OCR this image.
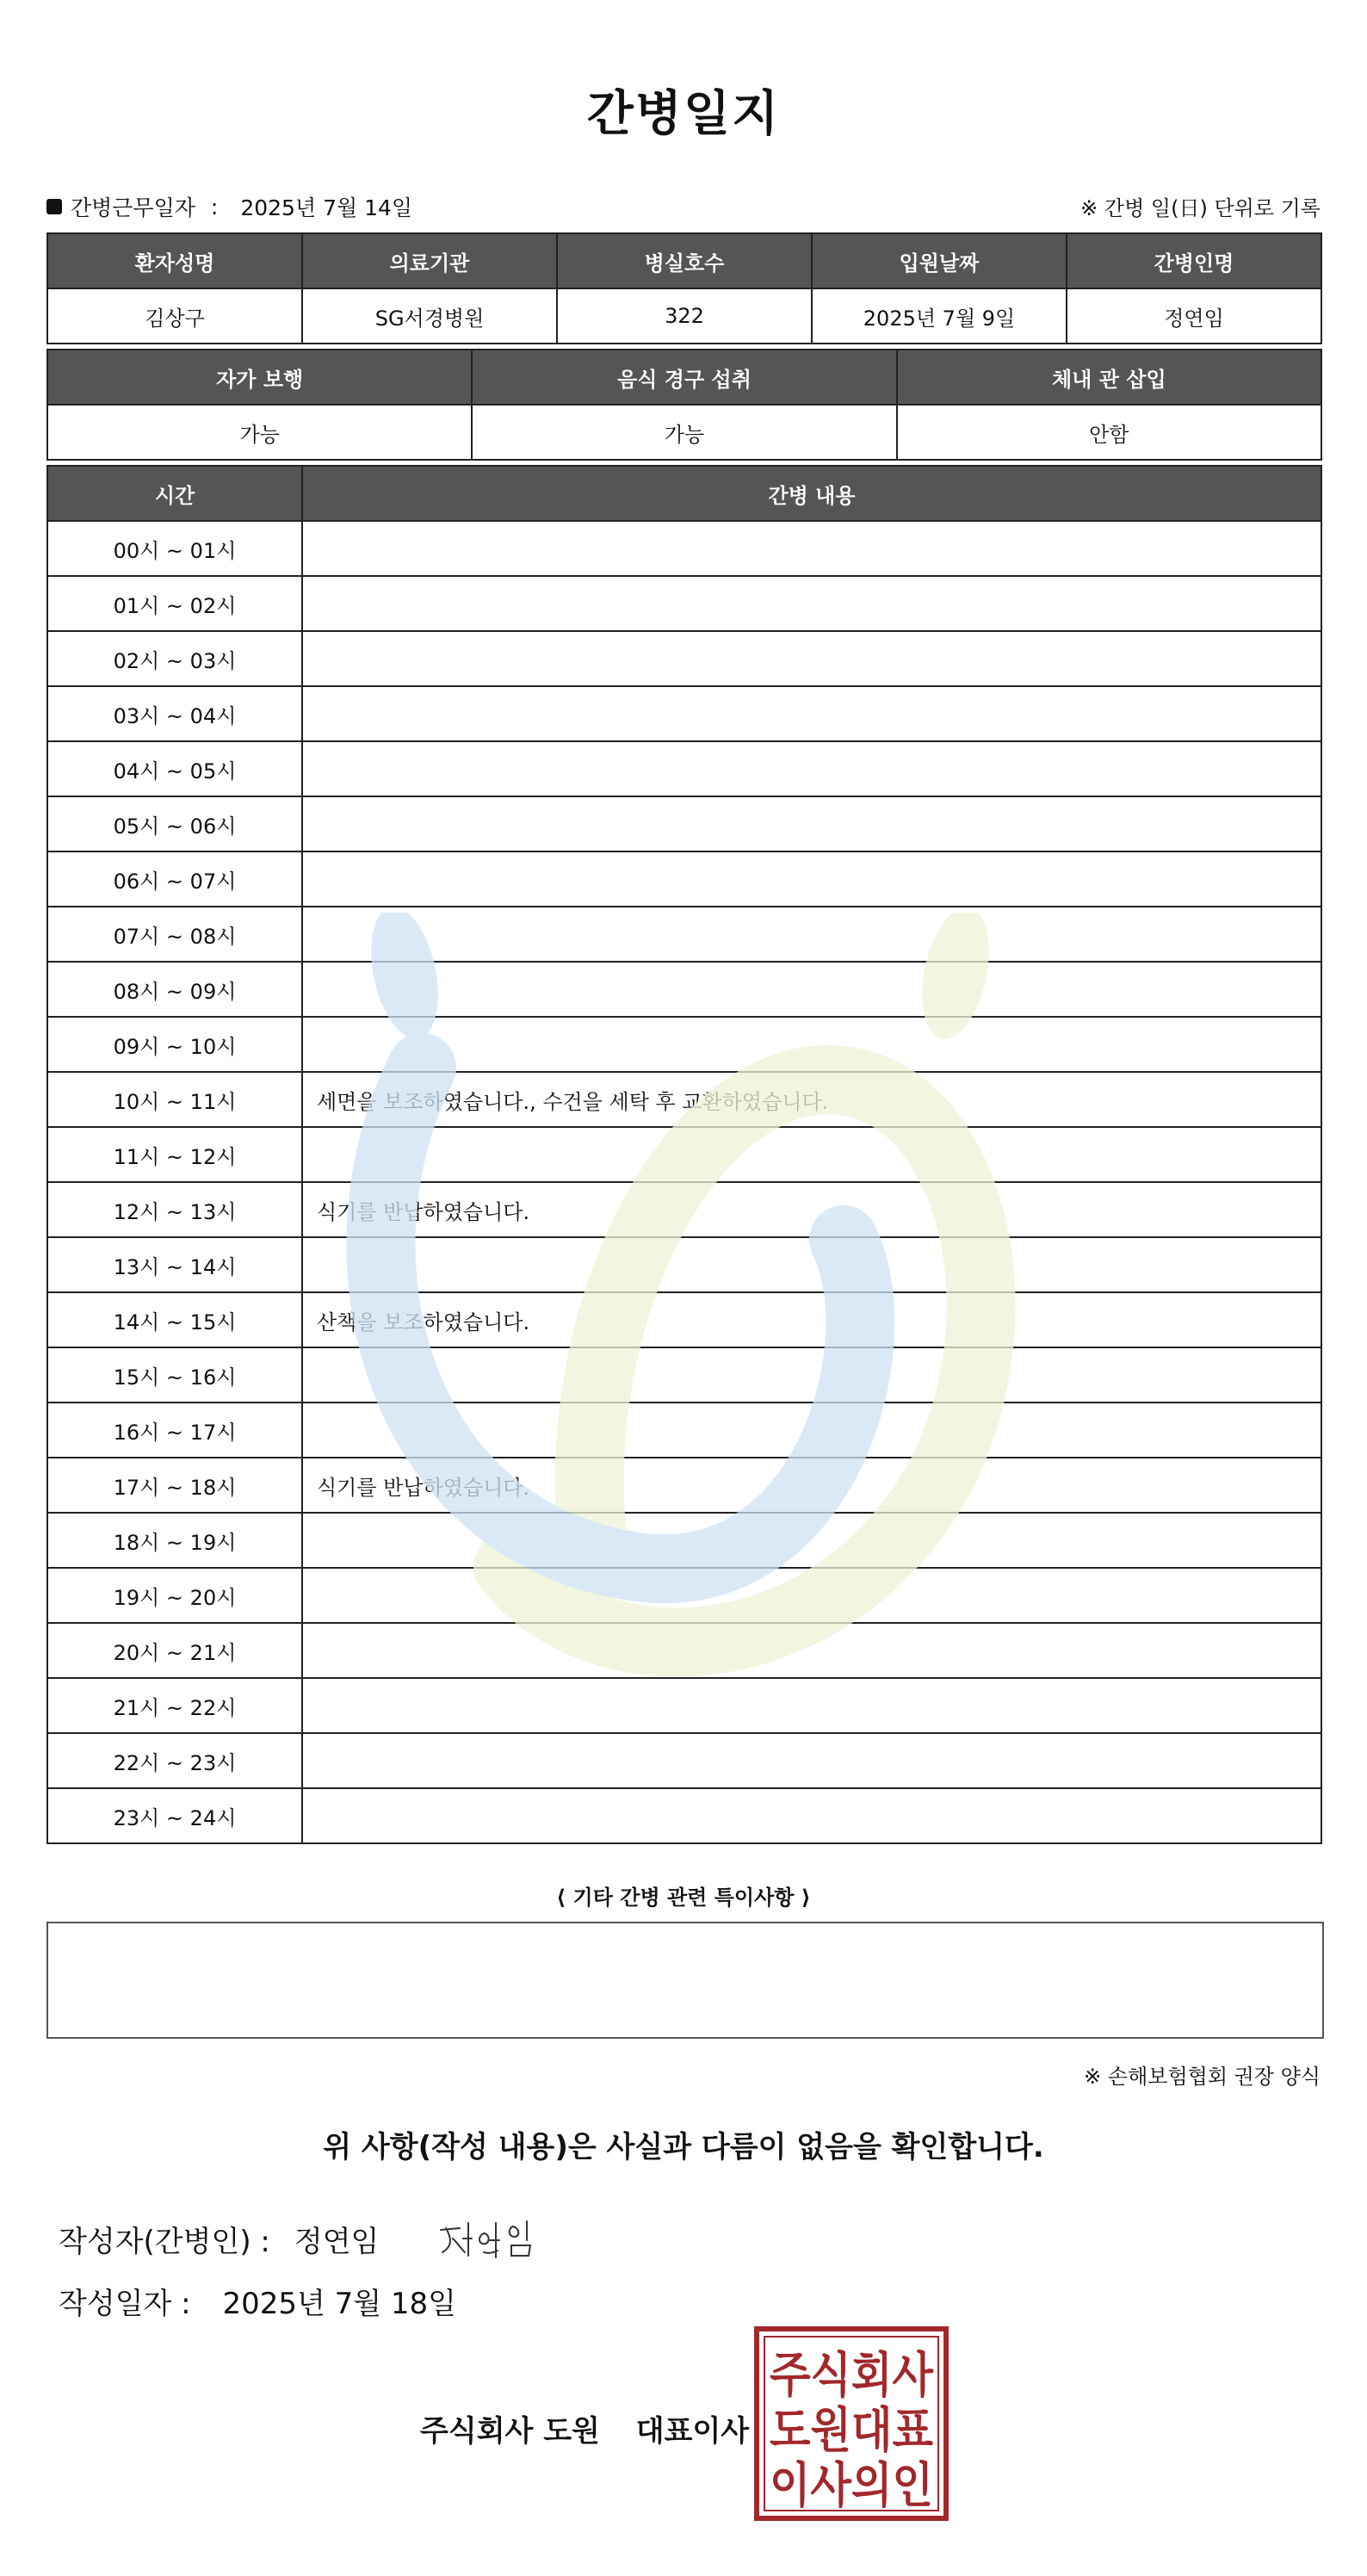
간병일지
간병근무일자 : 2025년 7월 14일	※ 간병 일(日) 단위로 기록
환자성명	의료기관	병실호수	입원날짜	간병인명
김상구	SG서경병원	322	2025년 7월 9일	정연임
자가 보행	음식 경구 섭취	체내 관 삽입
가능	가능	안함
시간	간병 내용
00시 ~ 01시	
01시 ~ 02시	
02시 ~ 03시	
03시 ~ 04시	
04시 ~ 05시	
05시 ~ 06시	
06시 ~ 07시	
07시 ~ 08시	
08시 ~ 09시	
09시 ~ 10시	
10시 ~ 11시	세면을 보조하였습니다., 수건을 세탁 후 교환하였습니다.
11시 ~ 12시	
12시 ~ 13시	식기를 반납하였습니다.
13시 ~ 14시	
14시 ~ 15시	산책을 보조하였습니다.
15시 ~ 16시	
16시 ~ 17시	
17시 ~ 18시	식기를 반납하였습니다.
18시 ~ 19시	
19시 ~ 20시	
20시 ~ 21시	
21시 ~ 22시	
22시 ~ 23시	
23시 ~ 24시	
⟨ 기타 간병 관련 특이사항 ⟩
※ 손해보험협회 권장 양식
위 사항(작성 내용)은 사실과 다름이 없음을 확인합니다.
작성자(간병인) : 정연임
작성일자 : 2025년 7월 18일
주식회사 도원 대표이사
주식회사
도원대표
이사의인
